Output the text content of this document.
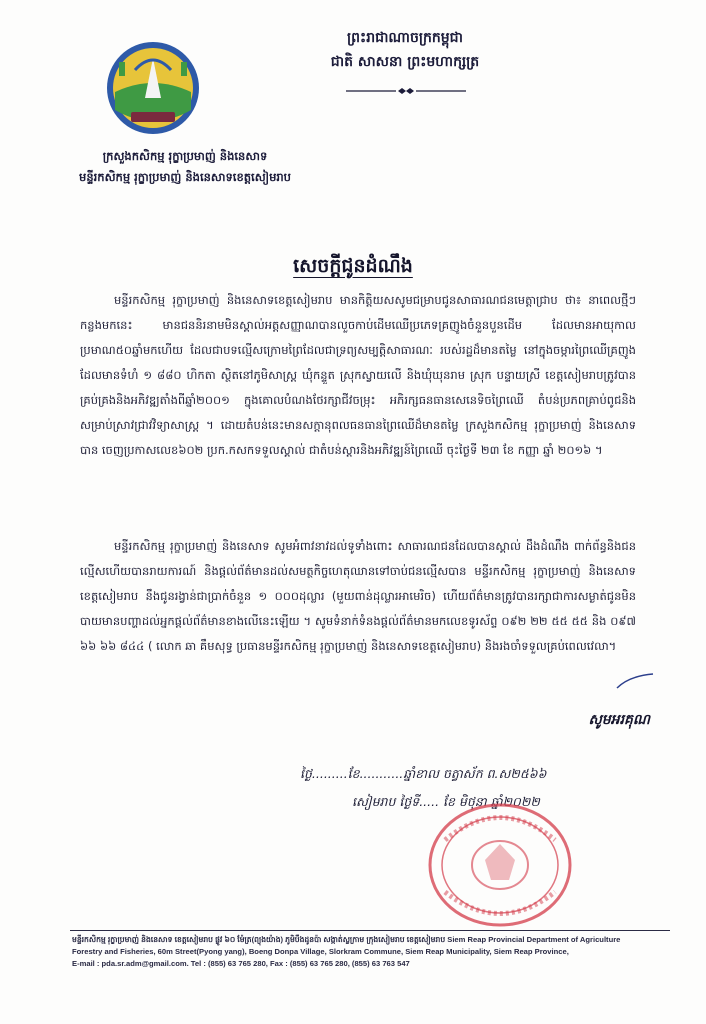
ព្រះរាជាណាចក្រកម្ពុជា
ជាតិ សាសនា ព្រះមហាក្សត្រ
ក្រសួងកសិកម្ម រុក្ខាប្រមាញ់ និងនេសាទ
មន្ទីរកសិកម្ម រុក្ខាប្រមាញ់ និងនេសាទខេត្តសៀមរាប
សេចក្ដីជូនដំណឹង
មន្ទីរកសិកម្ម រុក្ខាប្រមាញ់ និងនេសាទខេត្តសៀមរាប មានកិត្តិយសសូមជម្រាបជូនសាធារណជនមេត្តាជ្រាប ថា៖ នាពេលថ្មីៗកន្លងមកនេះ មានជននិរនាមមិនស្គាល់អត្តសញ្ញាណបានលួចកាប់ដើមឈើប្រភេទគ្រញូងចំនួនបួនដើម ដែលមានអាយុកាលប្រមាណ៥០ឆ្នាំមកហើយ ដែលជាបទល្មើសក្រោមព្រៃដែលជាទ្រព្យសម្បត្តិសាធារណៈ របស់រដ្ឋដ៏មានតម្លៃ នៅក្នុងចម្ការព្រៃឈើគ្រញូងដែលមានទំហំ ១ ៨៨០ ហិកតា ស្ថិតនៅភូមិសាស្ត្រ ឃុំកន្ទួត ស្រុកស្វាយលើ និងឃុំឃុនរាម ស្រុក បន្ទាយស្រី ខេត្តសៀមរាបត្រូវបានគ្រប់គ្រងនិងអភិវឌ្ឍតាំងពីឆ្នាំ២០០១ ក្នុងគោលបំណងថែរក្សាជីវចម្រុះ អភិរក្សធនធានសេនេទិចព្រៃឈើ តំបន់ប្រភពគ្រាប់ពូជនិងសម្រាប់ស្រាវជ្រាវវិទ្យាសាស្ត្រ ។ ដោយតំបន់នេះមានសក្ដានុពលធនធានព្រៃឈើដ៏មានតម្លៃ ក្រសួងកសិកម្ម រុក្ខាប្រមាញ់ និងនេសាទបាន ចេញប្រកាសលេខ៦០២ ប្រក.កសកទទួលស្គាល់ ជាតំបន់ស្តារនិងអភិវឌ្ឍន៍ព្រៃឈើ ចុះថ្ងៃទី ២៣ ខែ កញ្ញា ឆ្នាំ ២០១៦ ។
មន្ទីរកសិកម្ម រុក្ខាប្រមាញ់ និងនេសាទ សូមអំពាវនាវដល់ទូទាំងពោះ សាធារណជនដែលបានស្គាល់ ដឹងដំណឹង ពាក់ព័ន្ធនិងជនល្មើសហើយបានរាយការណ៍ និងផ្ដល់ព័ត៌មានដល់សមត្ថកិច្ចហេតុឈានទៅចាប់ជនល្មើសបាន មន្ទីរកសិកម្ម រុក្ខាប្រមាញ់ និងនេសាទខេត្តសៀមរាប នឹងជូនរង្វាន់ជាប្រាក់ចំនួន ១ ០០០ដុល្លារ (មួយពាន់ដុល្លារអាមេរិច) ហើយព័ត៌មានត្រូវបានរក្សាជាការសម្ងាត់ជូនមិនបាយមានបញ្ហាដល់អ្នកផ្ដល់ព័ត៌មានខាងលើនេះឡើយ ។ សូមទំនាក់ទំនងផ្ដល់ព័ត៌មានមកលេខទូរស័ព្ទ ០៩២ ២២ ៥៥ ៥៥ និង ០៩៧ ៦៦ ៦៦ ៨៤៤ ( លោក ឆា គឹមសុទ្ធ ប្រធានមន្ទីរកសិកម្ម រុក្ខាប្រមាញ់ និងនេសាទខេត្តសៀមរាប) និងរងចាំទទួលគ្រប់ពេលវេលា។
សូមអរគុណ
ថ្ងៃ.........ខែ...........ឆ្នាំខាល ចត្វាស័ក ព.ស២៥៦៦
សៀមរាប ថ្ងៃទី..... ខែ មិថុនា ឆ្នាំ២០២២
មន្ទីរកសិកម្ម រុក្ខាប្រមាញ់ និងនេសាទ ខេត្តសៀមរាប ផ្លូវ ៦០ ម៉ែត្រ(ព្យុងយ៉ាង) ភូមិបឹងដូនប៉ា សង្កាត់ស្លក្រាម ក្រុងសៀមរាប ខេត្តសៀមរាប Siem Reap Provincial Department of Agriculture
Forestry and Fisheries, 60m Street(Pyong yang), Boeng Donpa Village, Slorkram Commune, Siem Reap Municipality, Siem Reap Province,
E-mail : pda.sr.adm@gmail.com. Tel : (855) 63 765 280, Fax : (855) 63 765 280, (855) 63 763 547
